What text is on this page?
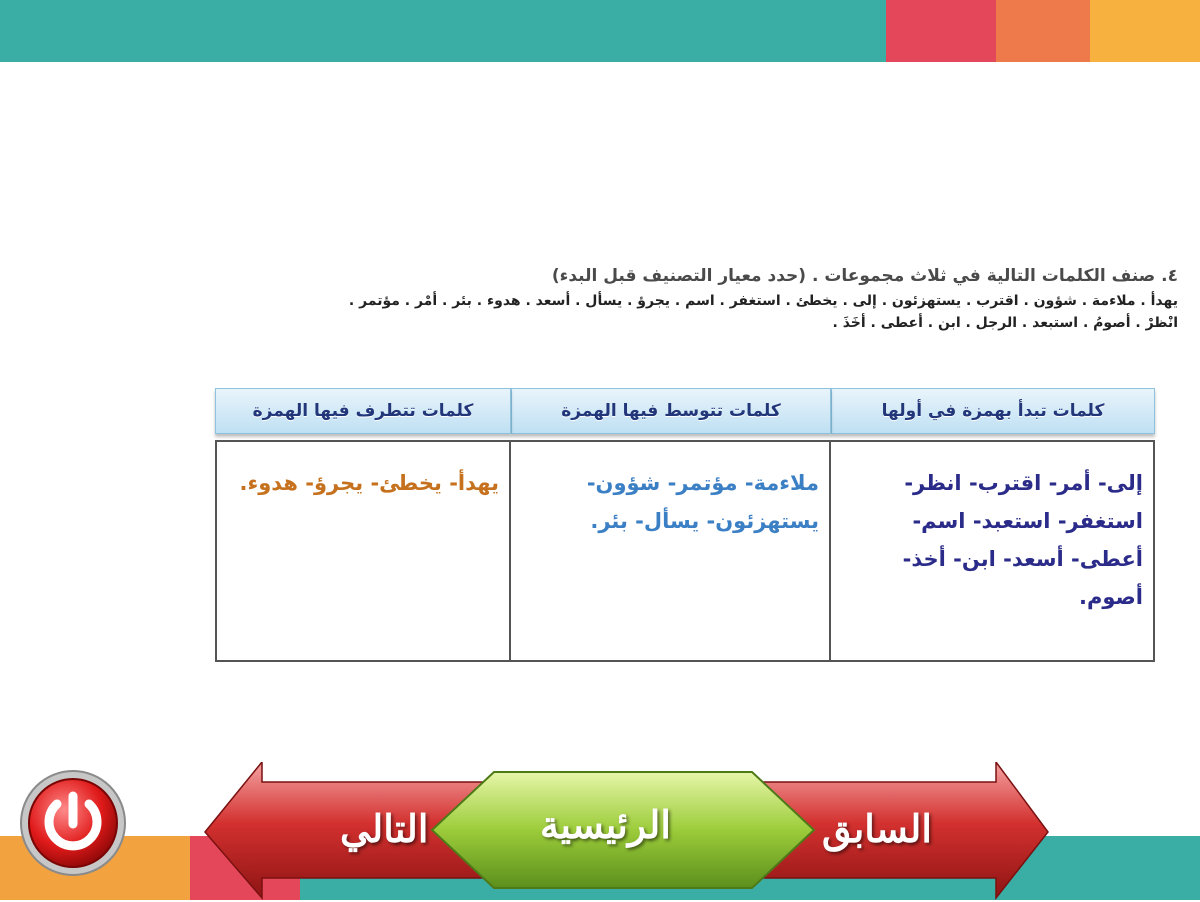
٤. صنف الكلمات التالية في ثلاث مجموعات . (حدد معيار التصنيف قبل البدء)
يهدأ . ملاءمة . شؤون . اقترب . يستهزئون . إلى . يخطئ . استغفر . اسم . يجرؤ . يسأل . أسعد . هدوء . بئر . أمْر . مؤتمر .
انْظرْ . أصومُ . استبعد . الرجل . ابن . أعطى . أخَذَ .
كلمات تبدأ بهمزة في أولها
كلمات تتوسط فيها الهمزة
كلمات تتطرف فيها الهمزة
إلى- أمر- اقترب- انظر- استغفر- استعبد- اسم- أعطى- أسعد- ابن- أخذ- أصوم.
ملاءمة- مؤتمر- شؤون- يستهزئون- يسأل- بئر.
يهدأ- يخطئ- يجرؤ- هدوء.
التالي	الرئيسية	السابق
